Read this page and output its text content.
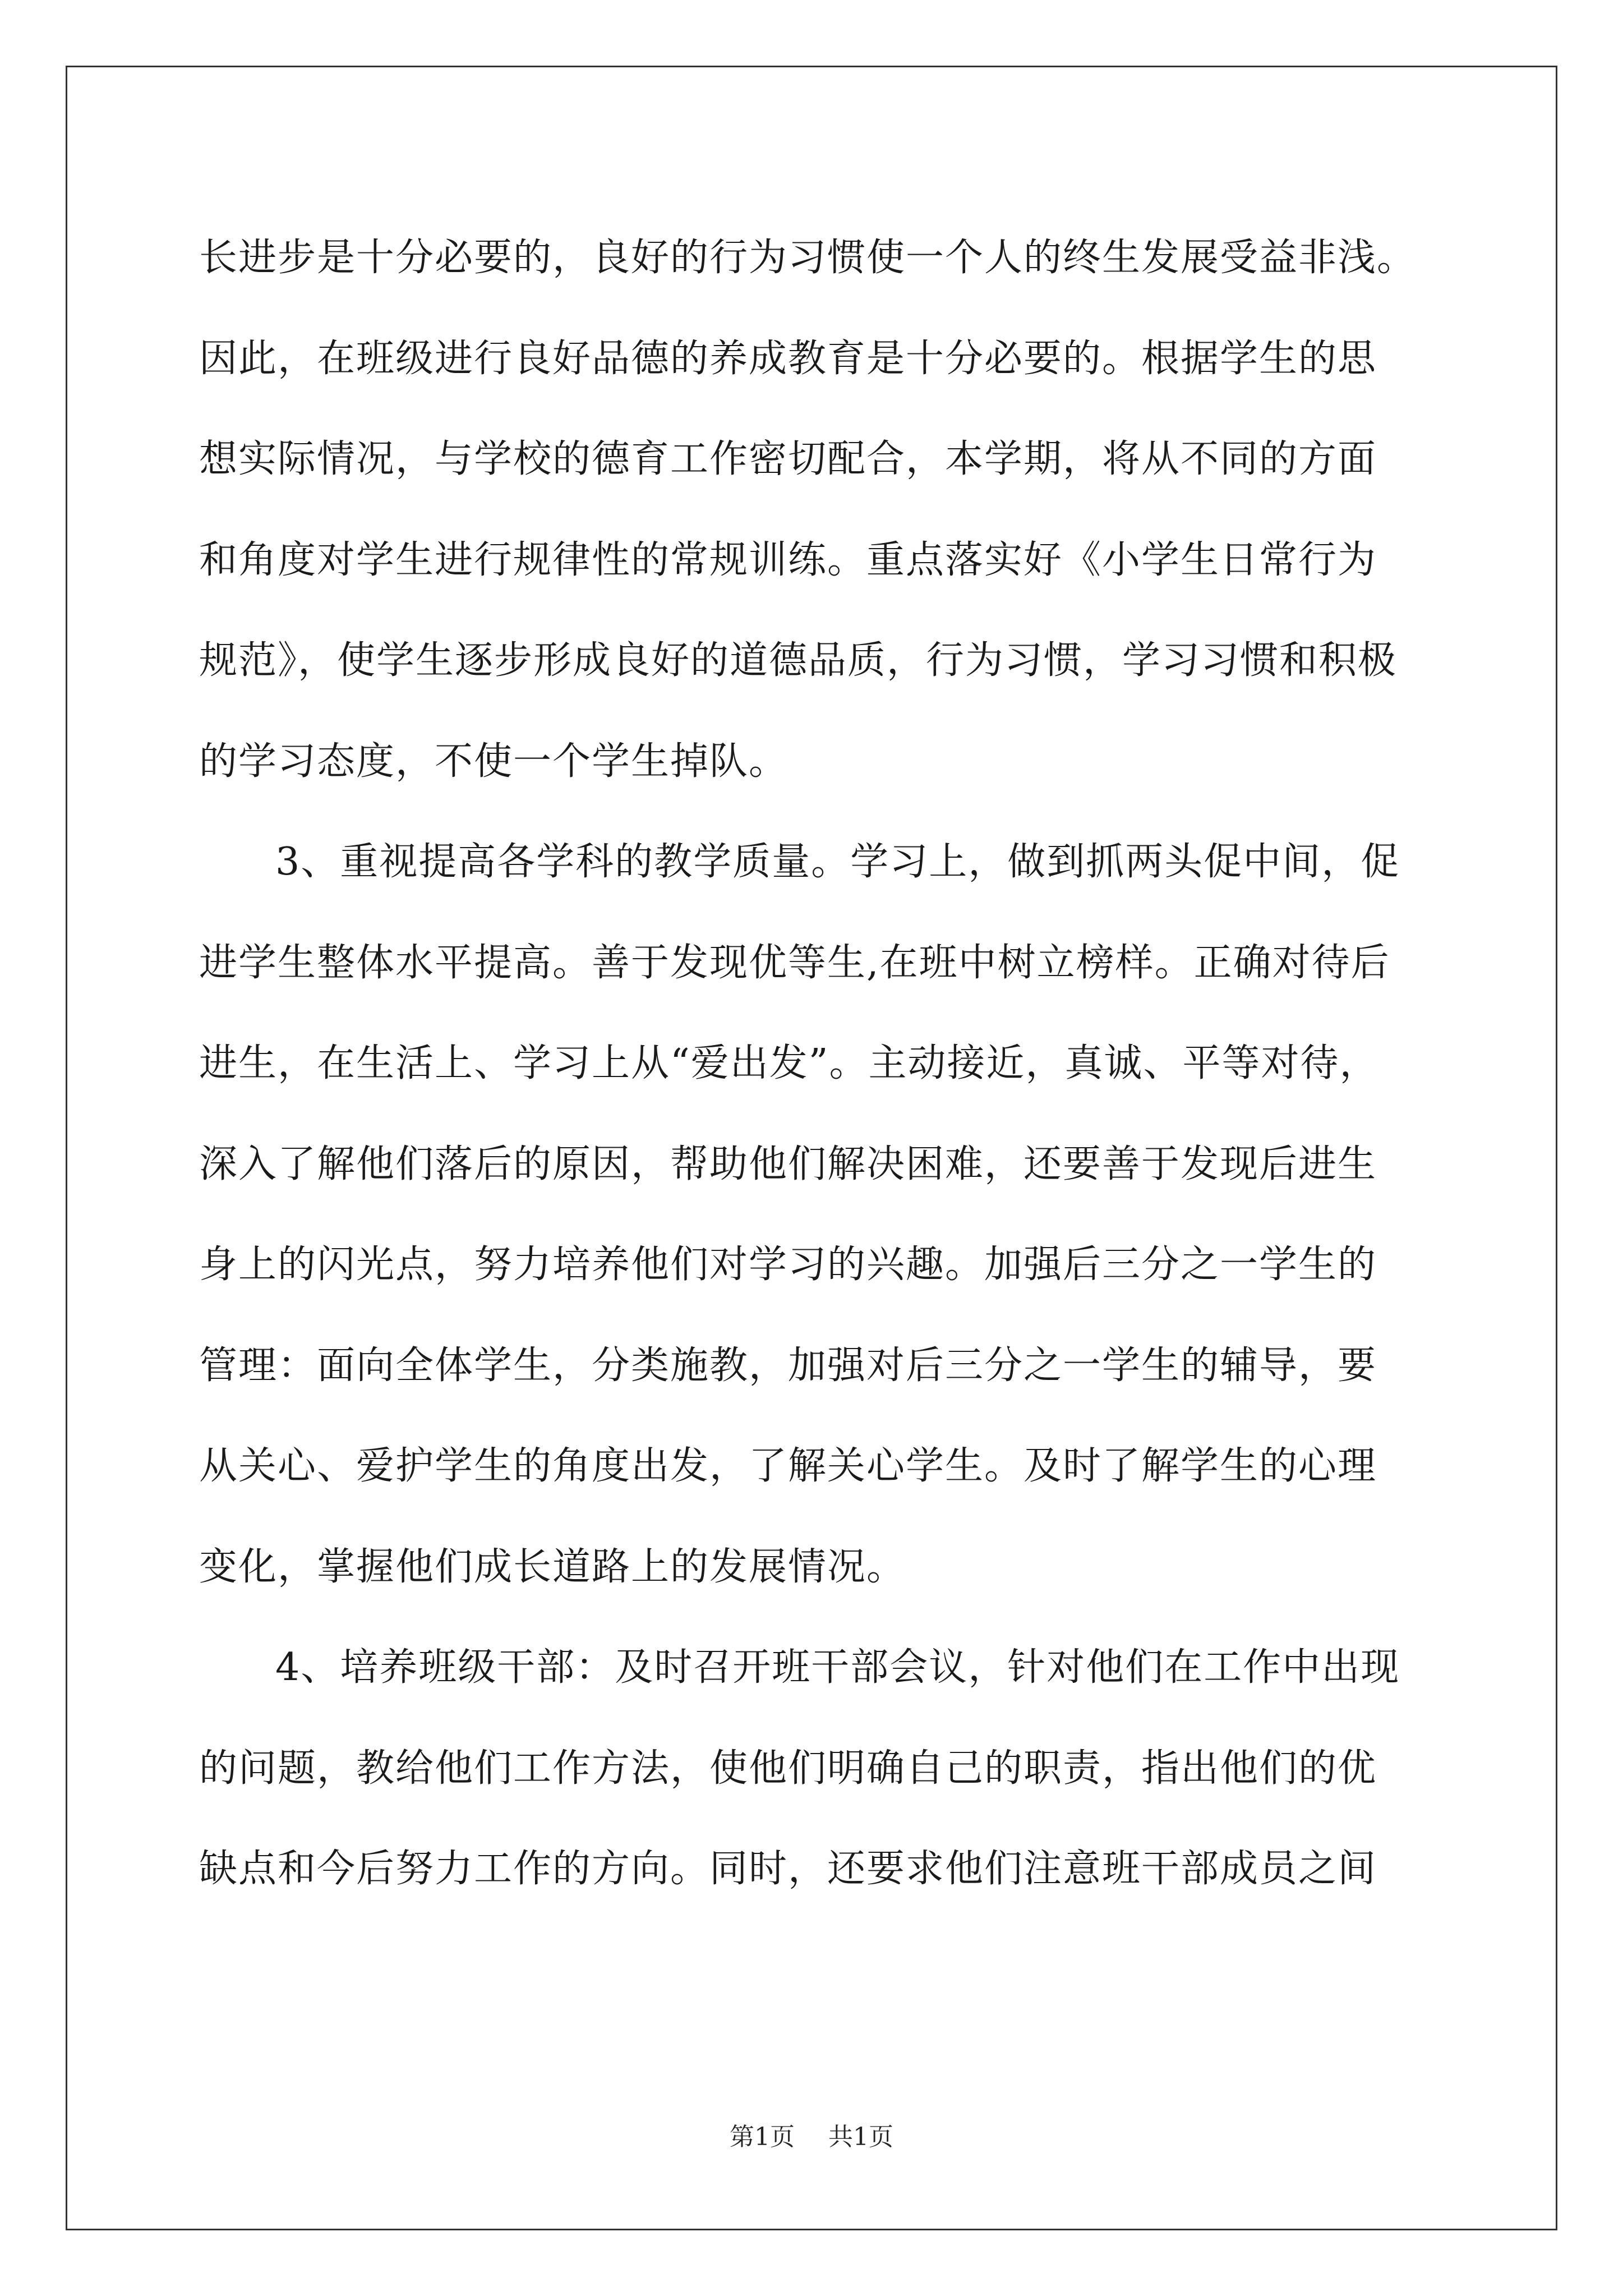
长进步是十分必要的，良好的行为习惯使一个人的终生发展受益非浅。
因此，在班级进行良好品德的养成教育是十分必要的。根据学生的思
想实际情况，与学校的德育工作密切配合，本学期，将从不同的方面
和角度对学生进行规律性的常规训练。重点落实好《小学生日常行为
规范》，使学生逐步形成良好的道德品质，行为习惯，学习习惯和积极
的学习态度，不使一个学生掉队。
3、重视提高各学科的教学质量。学习上，做到抓两头促中间，促
进学生整体水平提高。善于发现优等生,在班中树立榜样。正确对待后
进生，在生活上、学习上从“爱出发”。主动接近，真诚、平等对待，
深入了解他们落后的原因，帮助他们解决困难，还要善于发现后进生
身上的闪光点，努力培养他们对学习的兴趣。加强后三分之一学生的
管理：面向全体学生，分类施教，加强对后三分之一学生的辅导，要
从关心、爱护学生的角度出发，了解关心学生。及时了解学生的心理
变化，掌握他们成长道路上的发展情况。
4、培养班级干部：及时召开班干部会议，针对他们在工作中出现
的问题，教给他们工作方法，使他们明确自己的职责，指出他们的优
缺点和今后努力工作的方向。同时，还要求他们注意班干部成员之间
第1页 共1页
